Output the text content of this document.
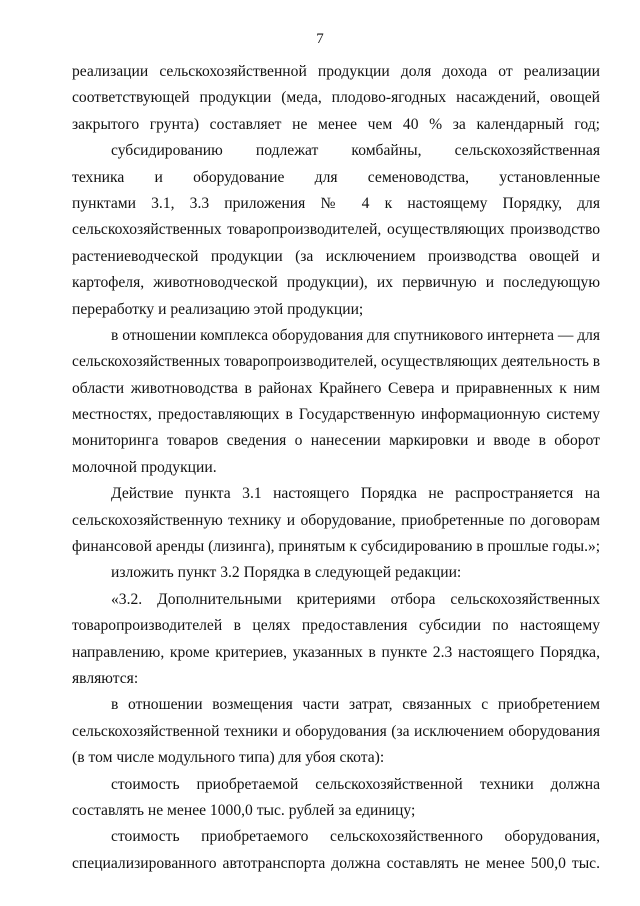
7
реализации сельскохозяйственной продукции доля дохода от реализации
соответствующей продукции (меда, плодово-ягодных насаждений, овощей
закрытого грунта) составляет не менее чем 40 % за календарный год;
субсидированию подлежат комбайны, сельскохозяйственная
техника и оборудование для семеноводства, установленные
пунктами 3.1, 3.3 приложения № 4 к настоящему Порядку, для
сельскохозяйственных товаропроизводителей, осуществляющих производство
растениеводческой продукции (за исключением производства овощей и
картофеля, животноводческой продукции), их первичную и последующую
переработку и реализацию этой продукции;
в отношении комплекса оборудования для спутникового интернета — для
сельскохозяйственных товаропроизводителей, осуществляющих деятельность в
области животноводства в районах Крайнего Севера и приравненных к ним
местностях, предоставляющих в Государственную информационную систему
мониторинга товаров сведения о нанесении маркировки и вводе в оборот
молочной продукции.
Действие пункта 3.1 настоящего Порядка не распространяется на
сельскохозяйственную технику и оборудование, приобретенные по договорам
финансовой аренды (лизинга), принятым к субсидированию в прошлые годы.»;
изложить пункт 3.2 Порядка в следующей редакции:
«3.2. Дополнительными критериями отбора сельскохозяйственных
товаропроизводителей в целях предоставления субсидии по настоящему
направлению, кроме критериев, указанных в пункте 2.3 настоящего Порядка,
являются:
в отношении возмещения части затрат, связанных с приобретением
сельскохозяйственной техники и оборудования (за исключением оборудования
(в том числе модульного типа) для убоя скота):
стоимость приобретаемой сельскохозяйственной техники должна
составлять не менее 1000,0 тыс. рублей за единицу;
стоимость приобретаемого сельскохозяйственного оборудования,
специализированного автотранспорта должна составлять не менее 500,0 тыс.
